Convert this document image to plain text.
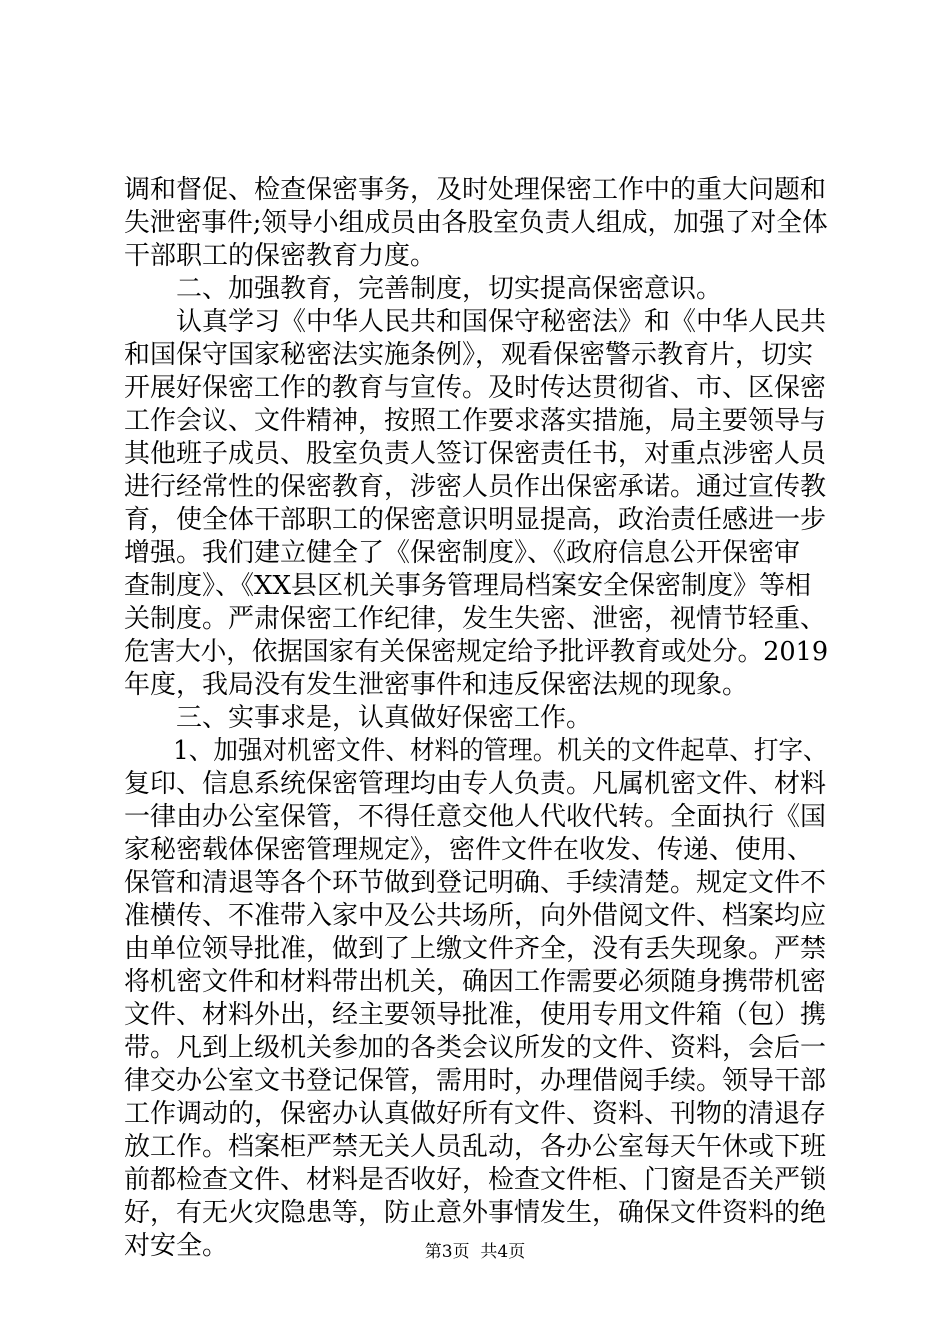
调和督促、检查保密事务，及时处理保密工作中的重大问题和
失泄密事件;领导小组成员由各股室负责人组成，加强了对全体
干部职工的保密教育力度。
　　二、加强教育，完善制度，切实提高保密意识。
　　认真学习《中华人民共和国保守秘密法》和《中华人民共
和国保守国家秘密法实施条例》，观看保密警示教育片，切实
开展好保密工作的教育与宣传。及时传达贯彻省、市、区保密
工作会议、文件精神，按照工作要求落实措施，局主要领导与
其他班子成员、股室负责人签订保密责任书，对重点涉密人员
进行经常性的保密教育，涉密人员作出保密承诺。通过宣传教
育，使全体干部职工的保密意识明显提高，政治责任感进一步
增强。我们建立健全了《保密制度》、《政府信息公开保密审
查制度》、《XX县区机关事务管理局档案安全保密制度》等相
关制度。严肃保密工作纪律，发生失密、泄密，视情节轻重、
危害大小，依据国家有关保密规定给予批评教育或处分。2019
年度，我局没有发生泄密事件和违反保密法规的现象。
　　三、实事求是，认真做好保密工作。
　　1、加强对机密文件、材料的管理。机关的文件起草、打字、
复印、信息系统保密管理均由专人负责。凡属机密文件、材料
一律由办公室保管，不得任意交他人代收代转。全面执行《国
家秘密载体保密管理规定》，密件文件在收发、传递、使用、
保管和清退等各个环节做到登记明确、手续清楚。规定文件不
准横传、不准带入家中及公共场所，向外借阅文件、档案均应
由单位领导批准，做到了上缴文件齐全，没有丢失现象。严禁
将机密文件和材料带出机关，确因工作需要必须随身携带机密
文件、材料外出，经主要领导批准，使用专用文件箱（包）携
带。凡到上级机关参加的各类会议所发的文件、资料，会后一
律交办公室文书登记保管，需用时，办理借阅手续。领导干部
工作调动的，保密办认真做好所有文件、资料、刊物的清退存
放工作。档案柜严禁无关人员乱动，各办公室每天午休或下班
前都检查文件、材料是否收好，检查文件柜、门窗是否关严锁
好，有无火灾隐患等，防止意外事情发生，确保文件资料的绝
对安全。	第3页  共4页
